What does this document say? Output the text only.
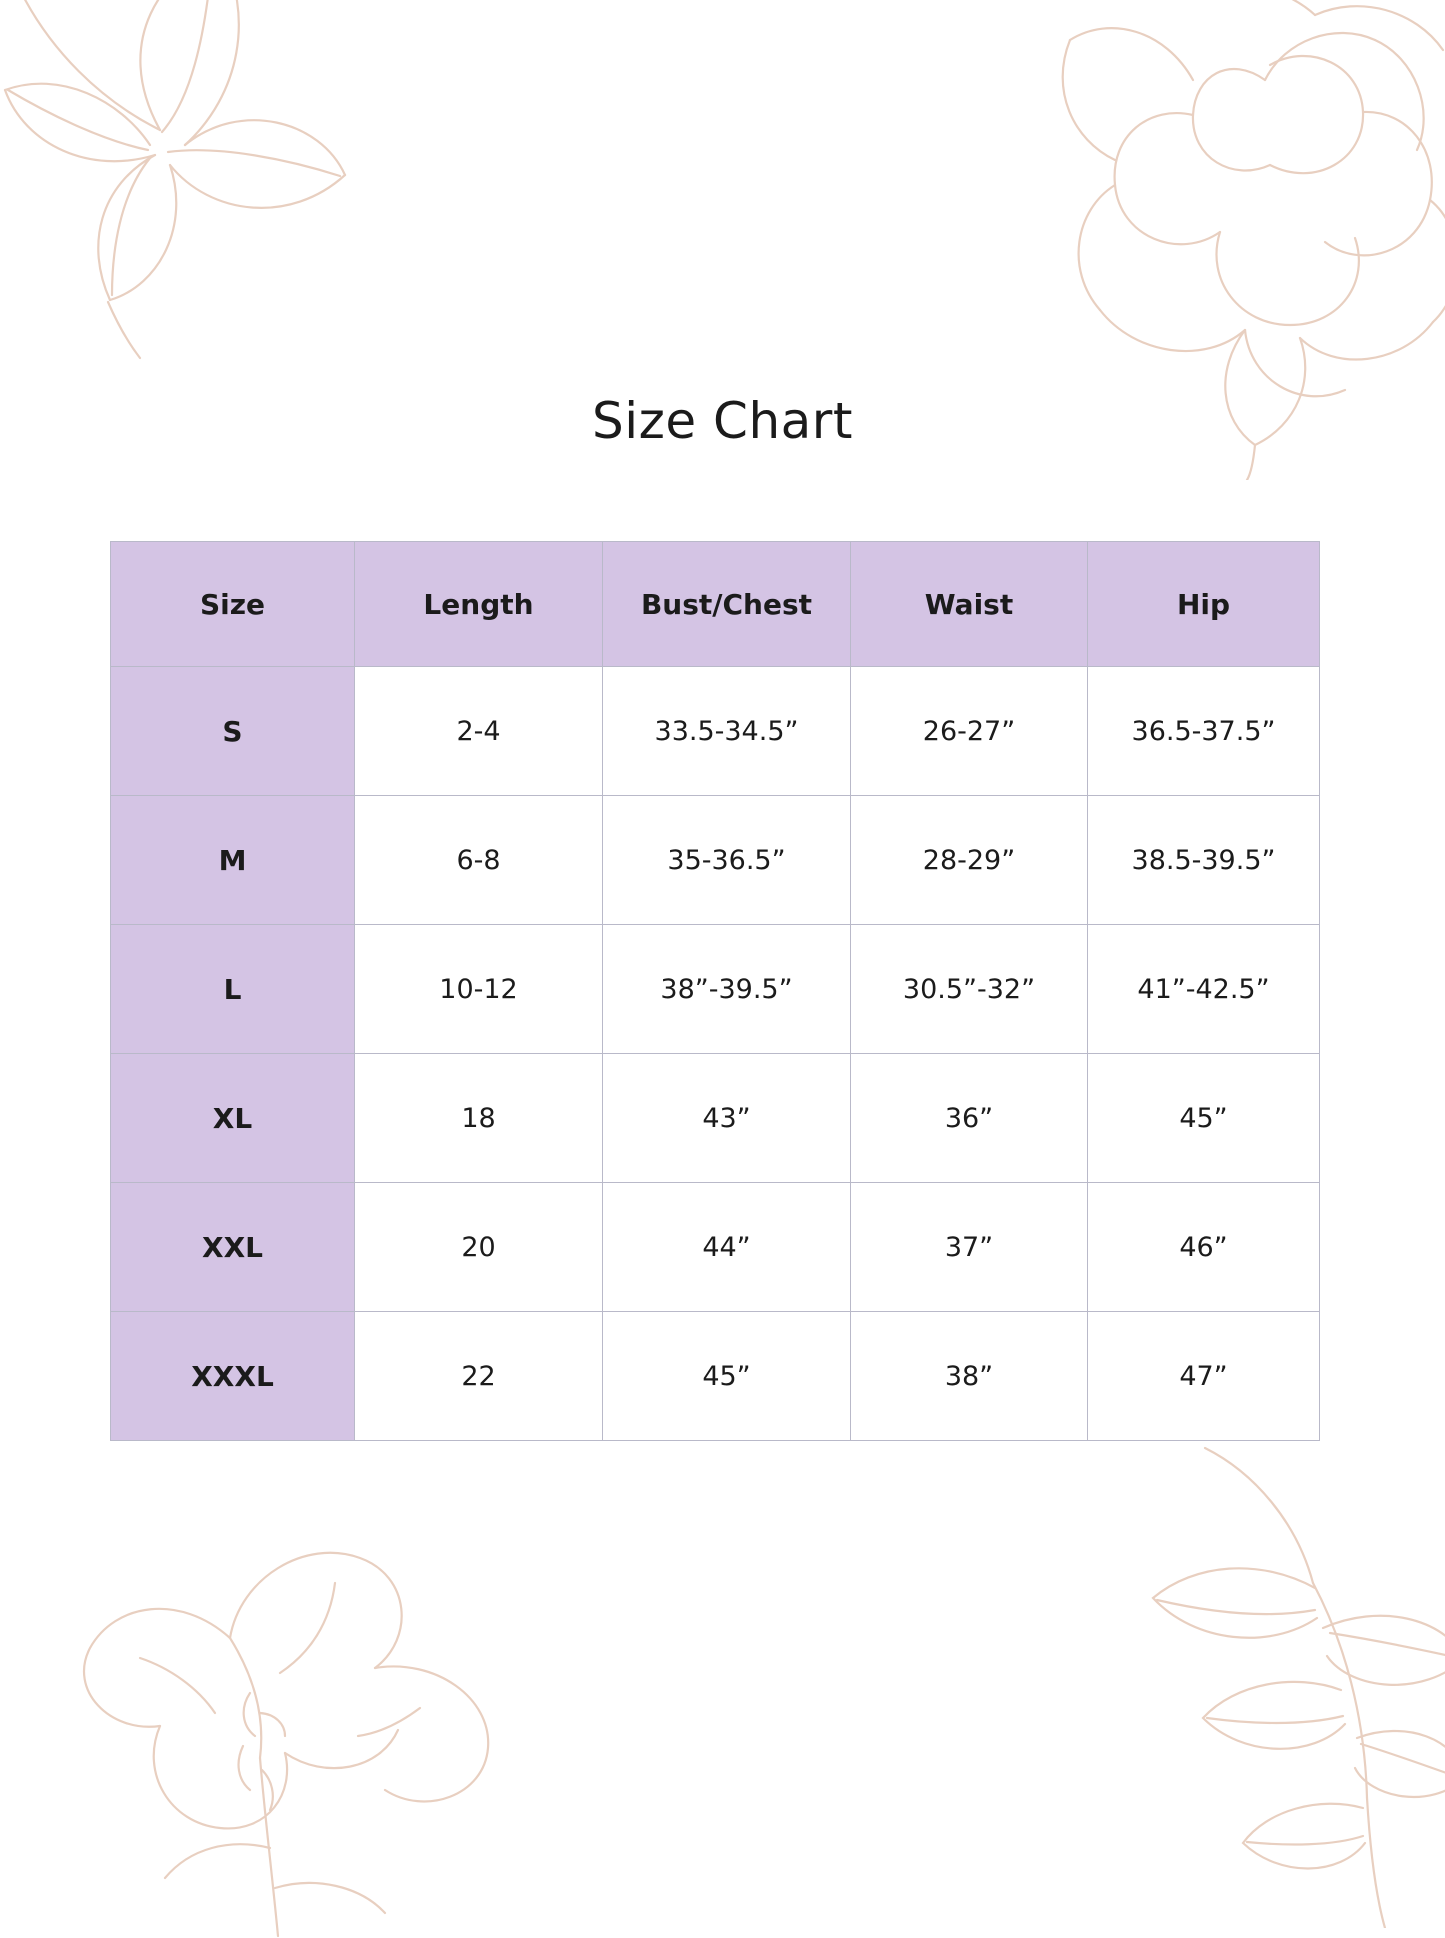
Size Chart
Size	Length	Bust/Chest	Waist	Hip
S	2-4	33.5-34.5”	26-27”	36.5-37.5”
M	6-8	35-36.5”	28-29”	38.5-39.5”
L	10-12	38”-39.5”	30.5”-32”	41”-42.5”
XL	18	43”	36”	45”
XXL	20	44”	37”	46”
XXXL	22	45”	38”	47”
